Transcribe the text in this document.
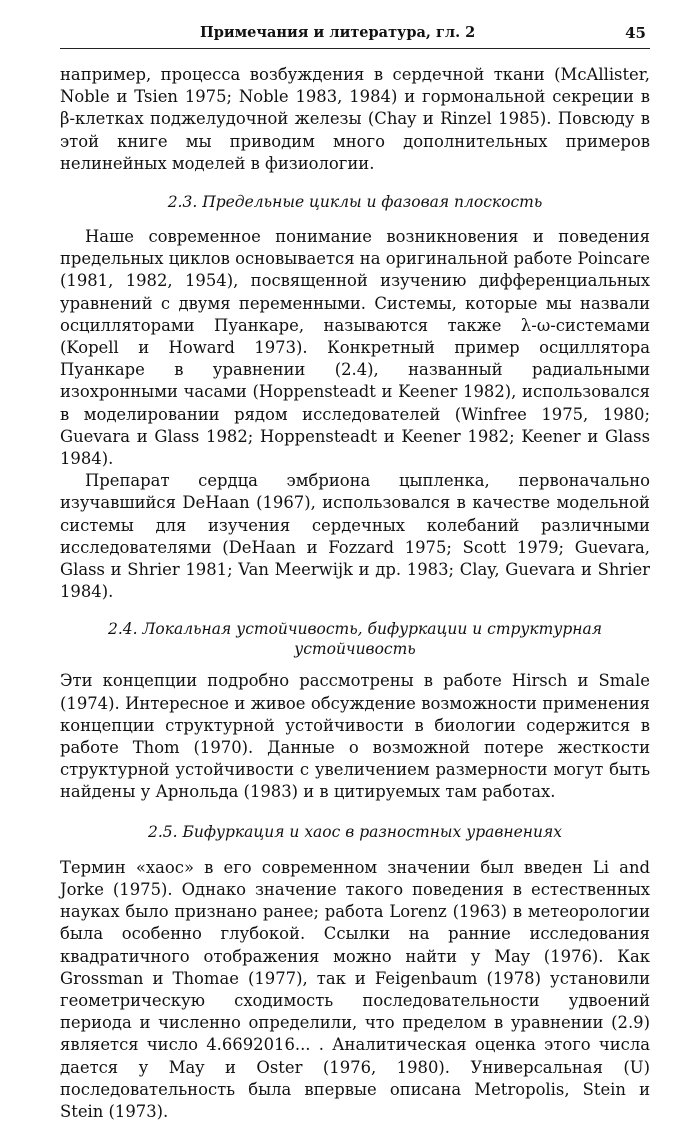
Примечания и литература, гл. 2	45

например, процесса возбуждения в сердечной ткани (McAllister, Noble и Tsien 1975; Noble 1983, 1984) и гормональной секреции в β-клетках поджелудочной железы (Chay и Rinzel 1985). Повсюду в этой книге мы приводим много дополнительных примеров нелинейных моделей в физиологии.

2.3. Предельные циклы и фазовая плоскость

Наше современное понимание возникновения и поведения предельных циклов основывается на оригинальной работе Poincare (1981, 1982, 1954), посвященной изучению дифференциальных уравнений с двумя переменными. Системы, которые мы назвали осцилляторами Пуанкаре, называются также λ-ω-системами (Kopell и Howard 1973). Конкретный пример осциллятора Пуанкаре в уравнении (2.4), названный радиальными изохронными часами (Hoppensteadt и Keener 1982), использовался в моделировании рядом исследователей (Winfree 1975, 1980; Guevara и Glass 1982; Hoppensteadt и Keener 1982; Keener и Glass 1984).

Препарат сердца эмбриона цыпленка, первоначально изучавшийся DeHaan (1967), использовался в качестве модельной системы для изучения сердечных колебаний различными исследователями (DeHaan и Fozzard 1975; Scott 1979; Guevara, Glass и Shrier 1981; Van Meerwijk и др. 1983; Clay, Guevara и Shrier 1984).

2.4. Локальная устойчивость, бифуркации и структурная устойчивость

Эти концепции подробно рассмотрены в работе Hirsch и Smale (1974). Интересное и живое обсуждение возможности применения концепции структурной устойчивости в биологии содержится в работе Thom (1970). Данные о возможной потере жесткости структурной устойчивости с увеличением размерности могут быть найдены у Арнольда (1983) и в цитируемых там работах.

2.5. Бифуркация и хаос в разностных уравнениях

Термин «хаос» в его современном значении был введен Li and Jorke (1975). Однако значение такого поведения в естественных науках было признано ранее; работа Lorenz (1963) в метеорологии была особенно глубокой. Ссылки на ранние исследования квадратичного отображения можно найти у May (1976). Как Grossman и Thomae (1977), так и Feigenbaum (1978) установили геометрическую сходимость последовательности удвоений периода и численно определили, что пределом в уравнении (2.9) является число 4.6692016... . Аналитическая оценка этого числа дается у May и Oster (1976, 1980). Универсальная (U) последовательность была впервые описана Metropolis, Stein и Stein (1973).
